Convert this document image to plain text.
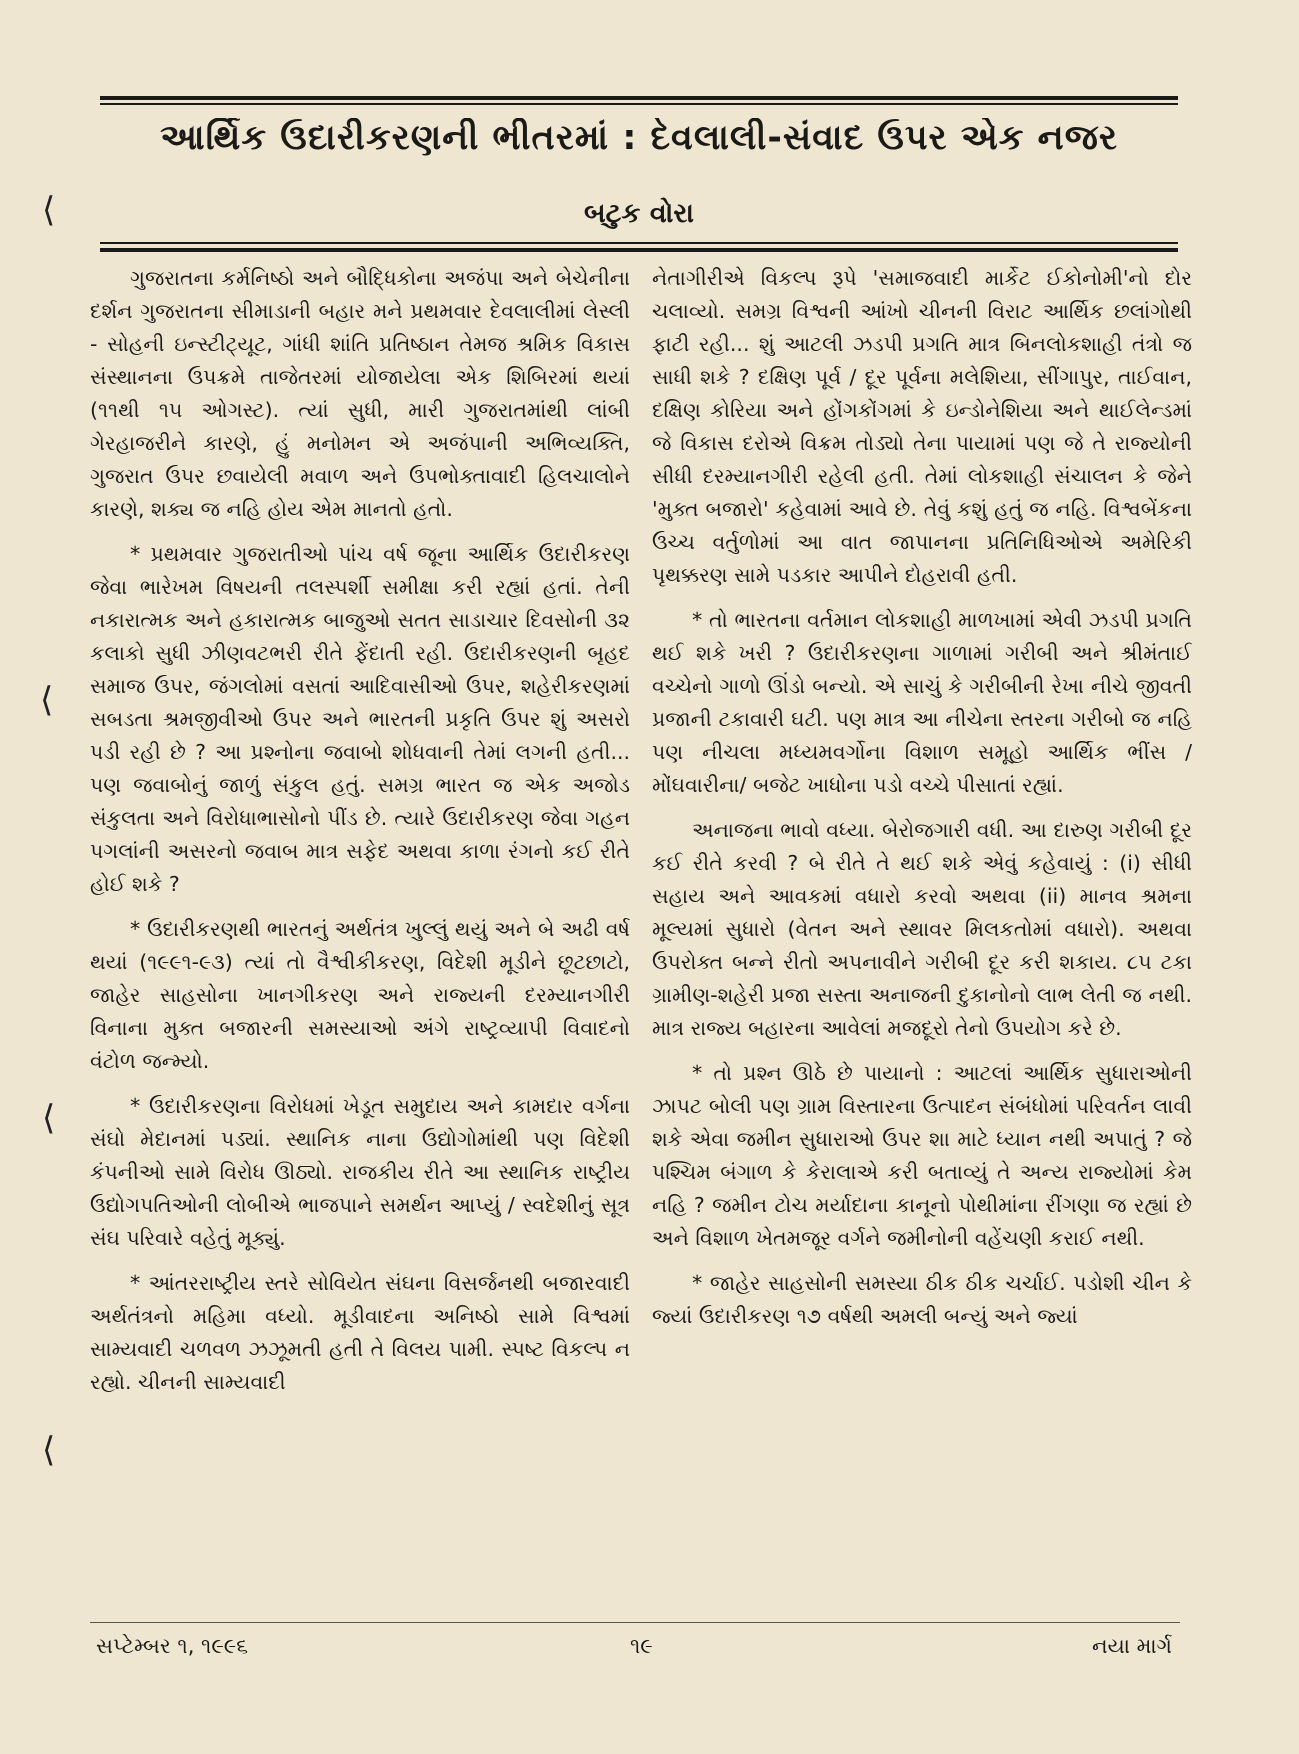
આર્થિક ઉદારીકરણની ભીતરમાં : દેવલાલી-સંવાદ ઉપર એક નજર
બટુક વોરા

ગુજરાતના કર્મનિષ્ઠો અને બૌદ્ધિકોના અજંપા અને બેચેનીના દર્શન ગુજરાતના સીમાડાની બહાર મને પ્રથમવાર દેવલાલીમાં લેસ્લી - સોહની ઇન્સ્ટીટ્યૂટ, ગાંધી શાંતિ પ્રતિષ્ઠાન તેમજ શ્રમિક વિકાસ સંસ્થાનના ઉપક્રમે તાજેતરમાં યોજાયેલા એક શિબિરમાં થયાં (૧૧થી ૧૫ ઓગસ્ટ). ત્યાં સુધી, મારી ગુજરાતમાંથી લાંબી ગેરહાજરીને કારણે, હું મનોમન એ અજંપાની અભિવ્યક્તિ, ગુજરાત ઉપર છવાયેલી મવાળ અને ઉપભોક્તાવાદી હિલચાલોને કારણે, શક્ય જ નહિ હોય એમ માનતો હતો.

* પ્રથમવાર ગુજરાતીઓ પાંચ વર્ષ જૂના આર્થિક ઉદારીકરણ જેવા ભારેખમ વિષયની તલસ્પર્શી સમીક્ષા કરી રહ્યાં હતાં. તેની નકારાત્મક અને હકારાત્મક બાજુઓ સતત સાડાચાર દિવસોની ૩૨ કલાકો સુધી ઝીણવટભરી રીતે ફેંદાતી રહી. ઉદારીકરણની બૃહદ સમાજ ઉપર, જંગલોમાં વસતાં આદિવાસીઓ ઉપર, શહેરીકરણમાં સબડતા શ્રમજીવીઓ ઉપર અને ભારતની પ્રકૃતિ ઉપર શું અસરો પડી રહી છે ? આ પ્રશ્નોના જવાબો શોધવાની તેમાં લગની હતી... પણ જવાબોનું જાળું સંકુલ હતું. સમગ્ર ભારત જ એક અજોડ સંકુલતા અને વિરોધાભાસોનો પીંડ છે. ત્યારે ઉદારીકરણ જેવા ગહન પગલાંની અસરનો જવાબ માત્ર સફેદ અથવા કાળા રંગનો કઈ રીતે હોઈ શકે ?

* ઉદારીકરણથી ભારતનું અર્થતંત્ર ખુલ્લું થયું અને બે અઢી વર્ષ થયાં (૧૯૯૧-૯૩) ત્યાં તો વૈશ્વીકીકરણ, વિદેશી મૂડીને છૂટછાટો, જાહેર સાહસોના ખાનગીકરણ અને રાજ્યની દરમ્યાનગીરી વિનાના મુક્ત બજારની સમસ્યાઓ અંગે રાષ્ટ્રવ્યાપી વિવાદનો વંટોળ જન્મ્યો.

* ઉદારીકરણના વિરોધમાં ખેડૂત સમુદાય અને કામદાર વર્ગના સંઘો મેદાનમાં પડ્યાં. સ્થાનિક નાના ઉદ્યોગોમાંથી પણ વિદેશી કંપનીઓ સામે વિરોધ ઊઠ્યો. રાજકીય રીતે આ સ્થાનિક રાષ્ટ્રીય ઉદ્યોગપતિઓની લોબીએ ભાજપાને સમર્થન આપ્યું / સ્વદેશીનું સૂત્ર સંઘ પરિવારે વહેતું મૂક્યું.

* આંતરરાષ્ટ્રીય સ્તરે સોવિયેત સંઘના વિસર્જનથી બજારવાદી અર્થતંત્રનો મહિમા વધ્યો. મૂડીવાદના અનિષ્ઠો સામે વિશ્વમાં સામ્યવાદી ચળવળ ઝઝૂમતી હતી તે વિલય પામી. સ્પષ્ટ વિકલ્પ ન રહ્યો. ચીનની સામ્યવાદી

નેતાગીરીએ વિકલ્પ રૂપે 'સમાજવાદી માર્કેટ ઈકોનોમી'નો દોર ચલાવ્યો. સમગ્ર વિશ્વની આંખો ચીનની વિરાટ આર્થિક છલાંગોથી ફાટી રહી... શું આટલી ઝડપી પ્રગતિ માત્ર બિનલોકશાહી તંત્રો જ સાધી શકે ? દક્ષિણ પૂર્વ / દૂર પૂર્વના મલેશિયા, સીંગાપુર, તાઈવાન, દક્ષિણ કોરિયા અને હોંગકોંગમાં કે ઇન્ડોનેશિયા અને થાઈલેન્ડમાં જે વિકાસ દરોએ વિક્રમ તોડ્યો તેના પાયામાં પણ જે તે રાજ્યોની સીધી દરમ્યાનગીરી રહેલી હતી. તેમાં લોકશાહી સંચાલન કે જેને 'મુક્ત બજારો' કહેવામાં આવે છે. તેવું કશું હતું જ નહિ. વિશ્વબેંકના ઉચ્ચ વર્તુળોમાં આ વાત જાપાનના પ્રતિનિધિઓએ અમેરિકી પૃથક્કરણ સામે પડકાર આપીને દોહરાવી હતી.

* તો ભારતના વર્તમાન લોકશાહી માળખામાં એવી ઝડપી પ્રગતિ થઈ શકે ખરી ? ઉદારીકરણના ગાળામાં ગરીબી અને શ્રીમંતાઈ વચ્ચેનો ગાળો ઊંડો બન્યો. એ સાચું કે ગરીબીની રેખા નીચે જીવતી પ્રજાની ટકાવારી ઘટી. પણ માત્ર આ નીચેના સ્તરના ગરીબો જ નહિ પણ નીચલા મધ્યમવર્ગોના વિશાળ સમૂહો આર્થિક ભીંસ / મોંઘવારીના/ બજેટ ખાધોના પડો વચ્ચે પીસાતાં રહ્યાં.

અનાજના ભાવો વધ્યા. બેરોજગારી વધી. આ દારુણ ગરીબી દૂર કઈ રીતે કરવી ? બે રીતે તે થઈ શકે એવું કહેવાયું : (i) સીધી સહાય અને આવકમાં વધારો કરવો અથવા (ii) માનવ શ્રમના મૂલ્યમાં સુધારો (વેતન અને સ્થાવર મિલકતોમાં વધારો). અથવા ઉપરોક્ત બન્ને રીતો અપનાવીને ગરીબી દૂર કરી શકાય. ૮૫ ટકા ગ્રામીણ-શહેરી પ્રજા સસ્તા અનાજની દુકાનોનો લાભ લેતી જ નથી. માત્ર રાજ્ય બહારના આવેલાં મજદૂરો તેનો ઉપયોગ કરે છે.

* તો પ્રશ્ન ઊઠે છે પાયાનો : આટલાં આર્થિક સુધારાઓની ઝાપટ બોલી પણ ગ્રામ વિસ્તારના ઉત્પાદન સંબંધોમાં પરિવર્તન લાવી શકે એવા જમીન સુધારાઓ ઉપર શા માટે ધ્યાન નથી અપાતું ? જે પશ્ચિમ બંગાળ કે કેરાલાએ કરી બતાવ્યું તે અન્ય રાજ્યોમાં કેમ નહિ ? જમીન ટોચ મર્યાદાના કાનૂનો પોથીમાંના રીંગણા જ રહ્યાં છે અને વિશાળ ખેતમજૂર વર્ગને જમીનોની વહેંચણી કરાઈ નથી.

* જાહેર સાહસોની સમસ્યા ઠીક ઠીક ચર્ચાઈ. પડોશી ચીન કે જ્યાં ઉદારીકરણ ૧૭ વર્ષથી અમલી બન્યું અને જ્યાં

સપ્ટેમ્બર ૧, ૧૯૯૬	૧૯	નયા માર્ગ
⟨
⟨
⟨
⟨
